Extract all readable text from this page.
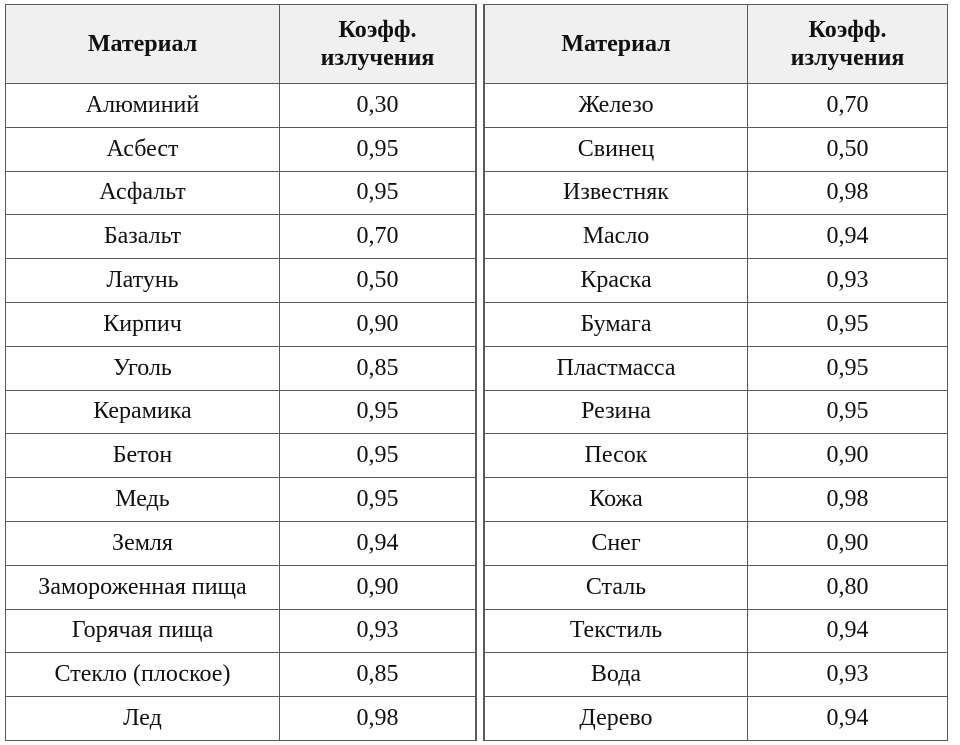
Материал	Коэфф.
излучения

Алюминий	0,30
Асбест	0,95
Асфальт	0,95
Базальт	0,70
Латунь	0,50
Кирпич	0,90
Уголь	0,85
Керамика	0,95
Бетон	0,95
Медь	0,95
Земля	0,94
Замороженная пища	0,90
Горячая пища	0,93
Стекло (плоское)	0,85
Лед	0,98
Материал	Коэфф.
излучения

Железо	0,70
Свинец	0,50
Известняк	0,98
Масло	0,94
Краска	0,93
Бумага	0,95
Пластмасса	0,95
Резина	0,95
Песок	0,90
Кожа	0,98
Снег	0,90
Сталь	0,80
Текстиль	0,94
Вода	0,93
Дерево	0,94
